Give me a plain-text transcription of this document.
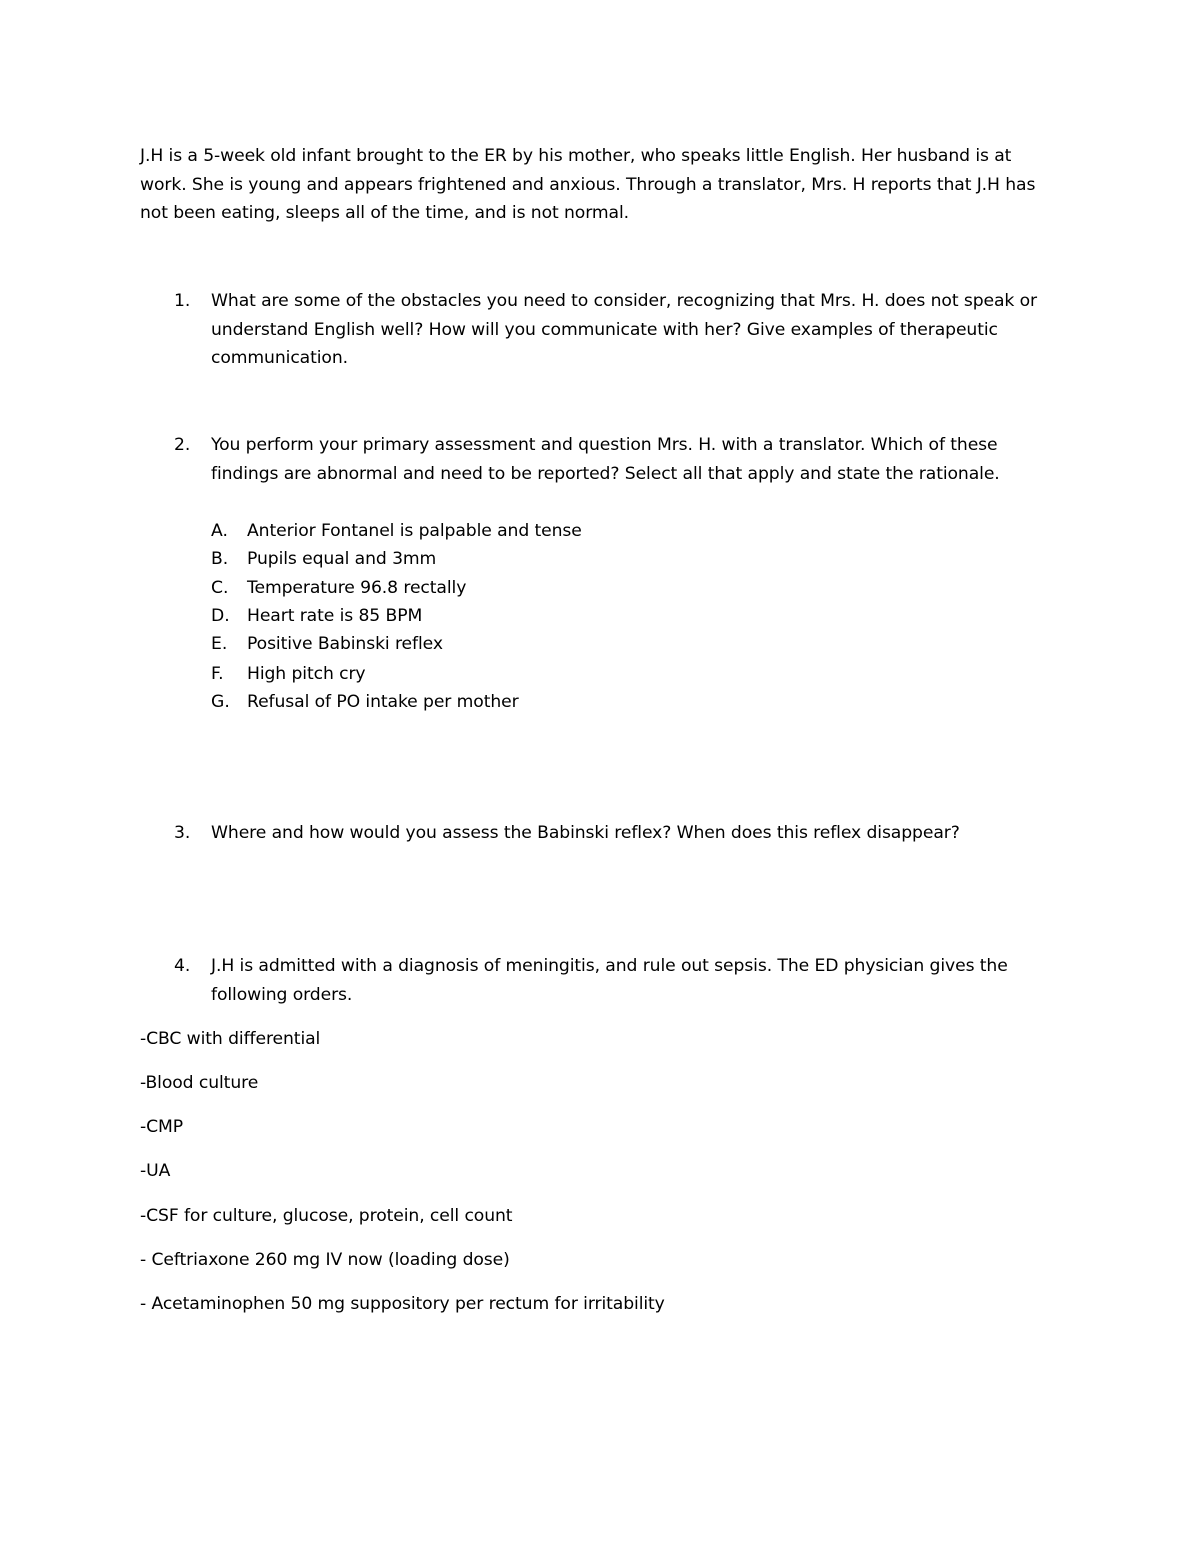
J.H is a 5-week old infant brought to the ER by his mother, who speaks little English. Her husband is at
work. She is young and appears frightened and anxious. Through a translator, Mrs. H reports that J.H has
not been eating, sleeps all of the time, and is not normal.
1. What are some of the obstacles you need to consider, recognizing that Mrs. H. does not speak or
understand English well? How will you communicate with her? Give examples of therapeutic
communication.
2. You perform your primary assessment and question Mrs. H. with a translator. Which of these
findings are abnormal and need to be reported? Select all that apply and state the rationale.
A. Anterior Fontanel is palpable and tense
B. Pupils equal and 3mm
C. Temperature 96.8 rectally
D. Heart rate is 85 BPM
E. Positive Babinski reflex
F. High pitch cry
G. Refusal of PO intake per mother
3. Where and how would you assess the Babinski reflex? When does this reflex disappear?
4. J.H is admitted with a diagnosis of meningitis, and rule out sepsis. The ED physician gives the
following orders.
-CBC with differential
-Blood culture
-CMP
-UA
-CSF for culture, glucose, protein, cell count
- Ceftriaxone 260 mg IV now (loading dose)
- Acetaminophen 50 mg suppository per rectum for irritability
